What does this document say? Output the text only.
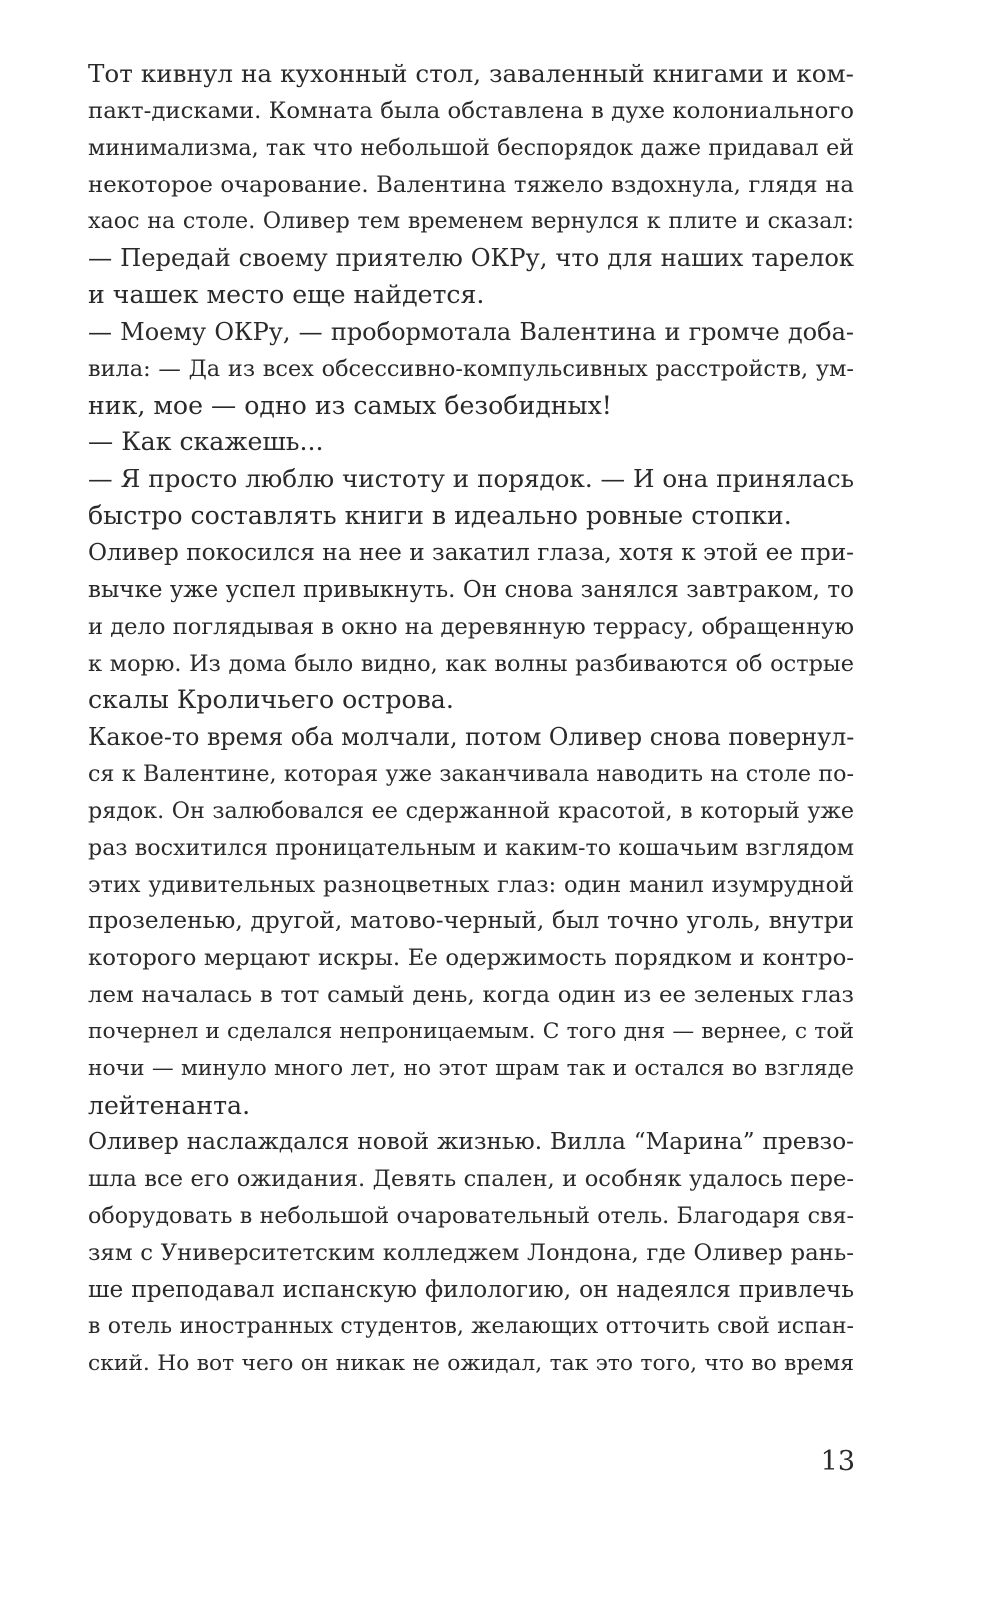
Тот кивнул на кухонный стол, заваленный книгами и ком-
пакт-дисками. Комната была обставлена в духе колониального
минимализма, так что небольшой беспорядок даже придавал ей
некоторое очарование. Валентина тяжело вздохнула, глядя на
хаос на столе. Оливер тем временем вернулся к плите и сказал:
— Передай своему приятелю ОКРу, что для наших тарелок
и чашек место еще найдется.
— Моему ОКРу, — пробормотала Валентина и громче доба-
вила: — Да из всех обсессивно-компульсивных расстройств, ум-
ник, мое — одно из самых безобидных!
— Как скажешь...
— Я просто люблю чистоту и порядок. — И она принялась
быстро составлять книги в идеально ровные стопки.
Оливер покосился на нее и закатил глаза, хотя к этой ее при-
вычке уже успел привыкнуть. Он снова занялся завтраком, то
и дело поглядывая в окно на деревянную террасу, обращенную
к морю. Из дома было видно, как волны разбиваются об острые
скалы Кроличьего острова.
Какое-то время оба молчали, потом Оливер снова повернул-
ся к Валентине, которая уже заканчивала наводить на столе по-
рядок. Он залюбовался ее сдержанной красотой, в который уже
раз восхитился проницательным и каким-то кошачьим взглядом
этих удивительных разноцветных глаз: один манил изумрудной
прозеленью, другой, матово-черный, был точно уголь, внутри
которого мерцают искры. Ее одержимость порядком и контро-
лем началась в тот самый день, когда один из ее зеленых глаз
почернел и сделался непроницаемым. С того дня — вернее, с той
ночи — минуло много лет, но этот шрам так и остался во взгляде
лейтенанта.
Оливер наслаждался новой жизнью. Вилла “Марина” превзо-
шла все его ожидания. Девять спален, и особняк удалось пере-
оборудовать в небольшой очаровательный отель. Благодаря свя-
зям с Университетским колледжем Лондона, где Оливер рань-
ше преподавал испанскую филологию, он надеялся привлечь
в отель иностранных студентов, желающих отточить свой испан-
ский. Но вот чего он никак не ожидал, так это того, что во время
13
